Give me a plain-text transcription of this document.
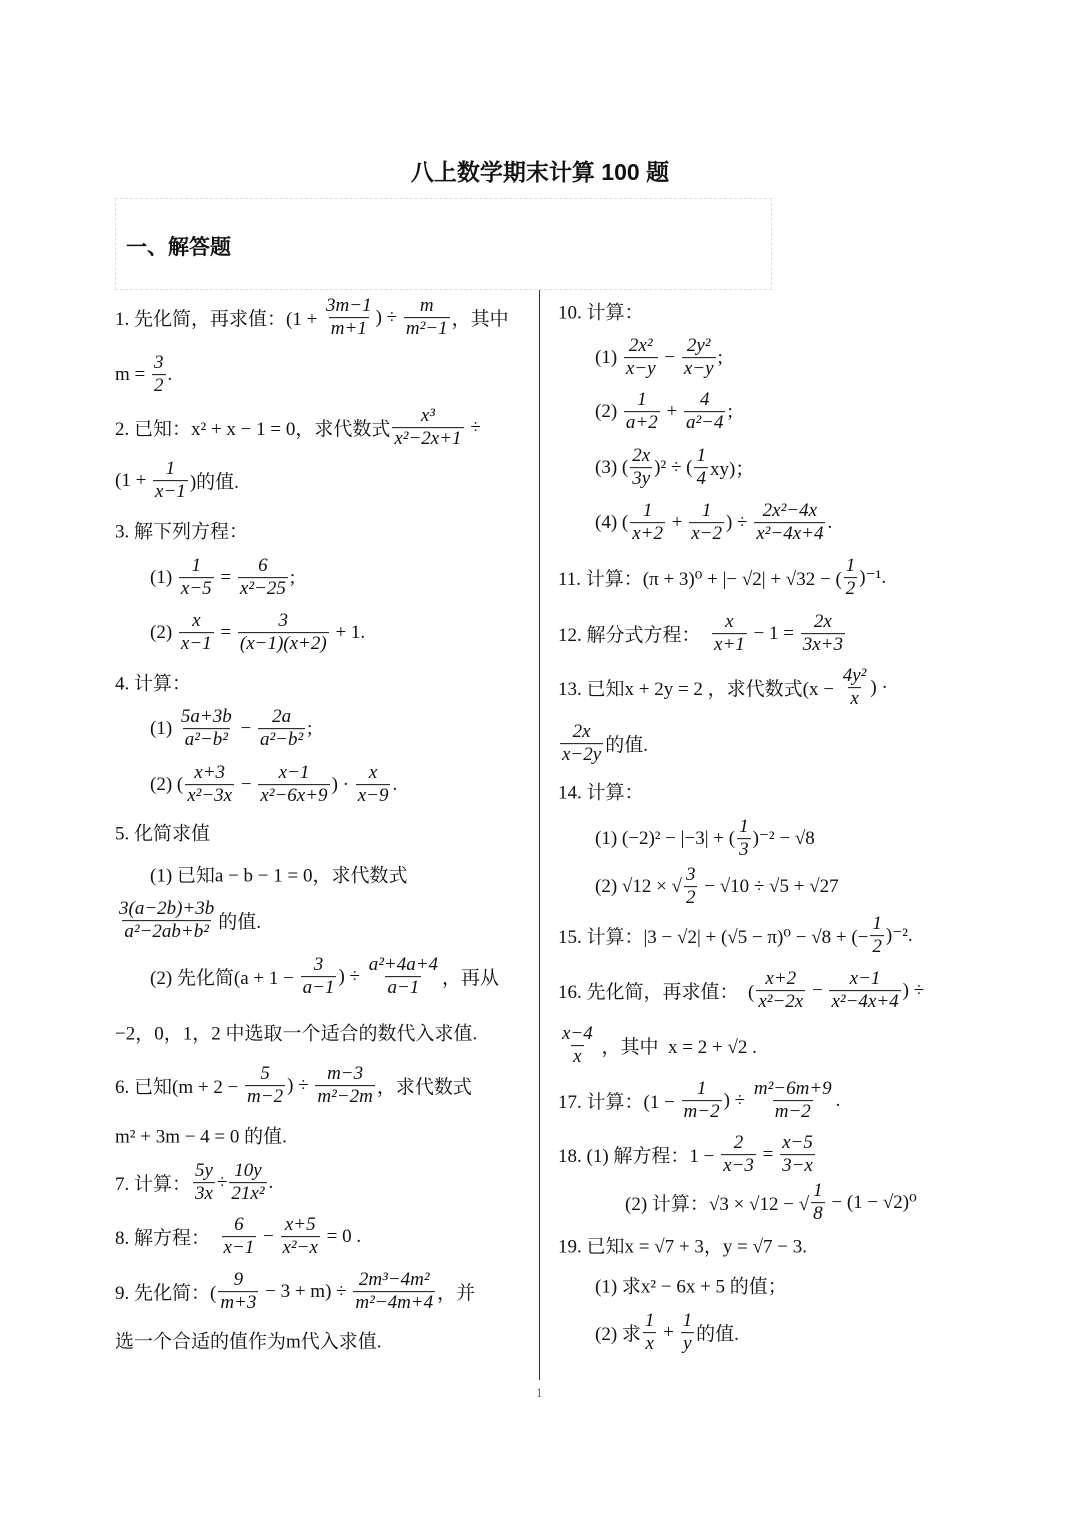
八上数学期末计算 100 题
一、解答题
1. 先化简，再求值：($1 + \frac{3m-1}{m+1}$ ) ÷ $\frac{m}{\text{m²−1}}$ ，其中
$m = \frac{3}{2}$ .
2. 已知：x² + x − 1 = 0，求代数式 $\frac{\text{x³}}{\text{x²−2x+1}}$ ÷
($1 + \frac{1}{x-1}$ )的值.
3. 解下列方程：
$(1) \frac{1}{x-5} = \frac{6}{\text{x²−25}}$ ;
$(2) \frac{x}{x-1} = \frac{3}{(x-1)(x+2)} + 1$.
4. 计算：
$(1) \frac{5a+3b}{\text{a²−b²}} - \frac{2a}{\text{a²−b²}}$ ;
(2) ( $\frac{x+3}{\text{x²−3x}} - \frac{x-1}{\text{x²−6x+9}}$ ) · $\frac{x}{x-9}$ .
5. 化简求值
(1) 已知a − b − 1 = 0，求代数式
$\frac{3(a-2b)+3b}{\text{a²−2ab+b²}}$ 的值.
(2) 先化简($a + 1 - \frac{3}{a-1}$ ) ÷ $\frac{\text{a²+4a+4}}{a-1}$ ，再从
−2，0，1，2 中选取一个适合的数代入求值.
6. 已知($m + 2 - \frac{5}{m-2}$ ) ÷ $\frac{m-3}{\text{m²−2m}}$ ，求代数式
m² + 3m − 4 = 0 的值.
7. 计算： $\frac{5y}{3x} \div \frac{10y}{\text{21x²}}$ .
8. 解方程： $\frac{6}{x-1} - \frac{x+5}{\text{x²−x}} = 0$ .
9. 先化简：( $\frac{9}{m+3} - 3 + m) \div \frac{\text{2m³−4m²}}{\text{m²−4m+4}}$ ，并
选一个合适的值作为m代入求值.
10. 计算：
$(1) \frac{\text{2x²}}{x-y} - \frac{\text{2y²}}{x-y}$ ;
$(2) \frac{1}{a+2} + \frac{4}{\text{a²−4}}$ ;
(3) ( $\frac{2x}{3y} )^2$ ÷ ( $\frac{1}{4} xy$)；
(4) ( $\frac{1}{x+2} + \frac{1}{x-2}$ ) ÷ $\frac{\text{2x²−4x}}{\text{x²−4x+4}}$ .
11. 计算：(π + 3)⁰ + |− √2| + √32 − ( $\frac{1}{2} )^{-1}$.
12. 解分式方程： $\frac{x}{x+1} - 1 = \frac{2x}{3x+3}$
13. 已知x + 2y = 2 ，求代数式($x - \frac{\text{4y²}}{x}$ ) ·
$\frac{2x}{x-2y}$ 的值.
14. 计算：
(1) (−2)² − |−3| + ( $\frac{1}{3} )^{-2} - √8$
(2) √12 × √ $\frac{3}{2} - √10 \div √5 + √27$
15. 计算：|3 − √2| + (√5 − π)⁰ − √8 + (− $\frac{1}{2} )^{-2}$.
16. 先化简，再求值：  ( $\frac{x+2}{\text{x²−2x}} - \frac{x-1}{\text{x²−4x+4}}$ ) ÷
$\frac{x-4}{x}$ ，其中  x = 2 + √2 .
17. 计算：($1 - \frac{1}{m-2}$ ) ÷ $\frac{\text{m²−6m+9}}{m-2}$ .
18. (1) 解方程：$1 - \frac{2}{x-3} = \frac{x-5}{3-x}$
(2) 计算：√3 × √12 − √ $\frac{1}{8} - (1 - √2)^0$
19. 已知x = √7 + 3，y = √7 − 3.
(1) 求x² − 6x + 5 的值；
(2) 求 $\frac{1}{x} + \frac{1}{y}$ 的值.
1
